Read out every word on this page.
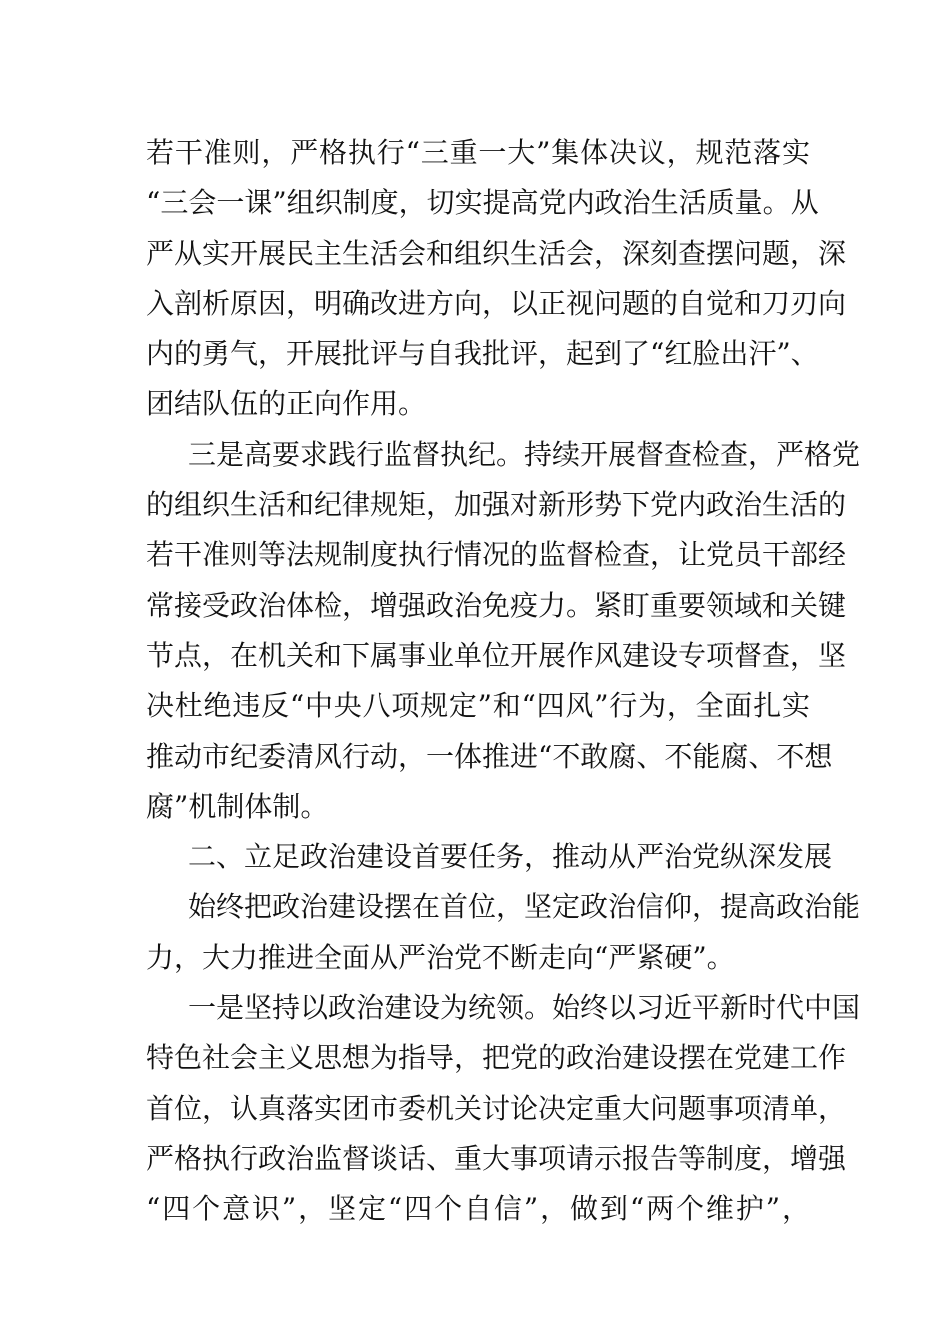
若干准则，严格执行“三重一大”集体决议，规范落实
“三会一课”组织制度，切实提高党内政治生活质量。从
严从实开展民主生活会和组织生活会，深刻查摆问题，深
入剖析原因，明确改进方向，以正视问题的自觉和刀刃向
内的勇气，开展批评与自我批评，起到了“红脸出汗”、
团结队伍的正向作用。
三是高要求践行监督执纪。持续开展督查检查，严格党
的组织生活和纪律规矩，加强对新形势下党内政治生活的
若干准则等法规制度执行情况的监督检查，让党员干部经
常接受政治体检，增强政治免疫力。紧盯重要领域和关键
节点，在机关和下属事业单位开展作风建设专项督查，坚
决杜绝违反“中央八项规定”和“四风”行为，全面扎实
推动市纪委清风行动，一体推进“不敢腐、不能腐、不想
腐”机制体制。
二、立足政治建设首要任务，推动从严治党纵深发展
始终把政治建设摆在首位，坚定政治信仰，提高政治能
力，大力推进全面从严治党不断走向“严紧硬”。
一是坚持以政治建设为统领。始终以习近平新时代中国
特色社会主义思想为指导，把党的政治建设摆在党建工作
首位，认真落实团市委机关讨论决定重大问题事项清单，
严格执行政治监督谈话、重大事项请示报告等制度，增强
“四个意识”，坚定“四个自信”，做到“两个维护”，
